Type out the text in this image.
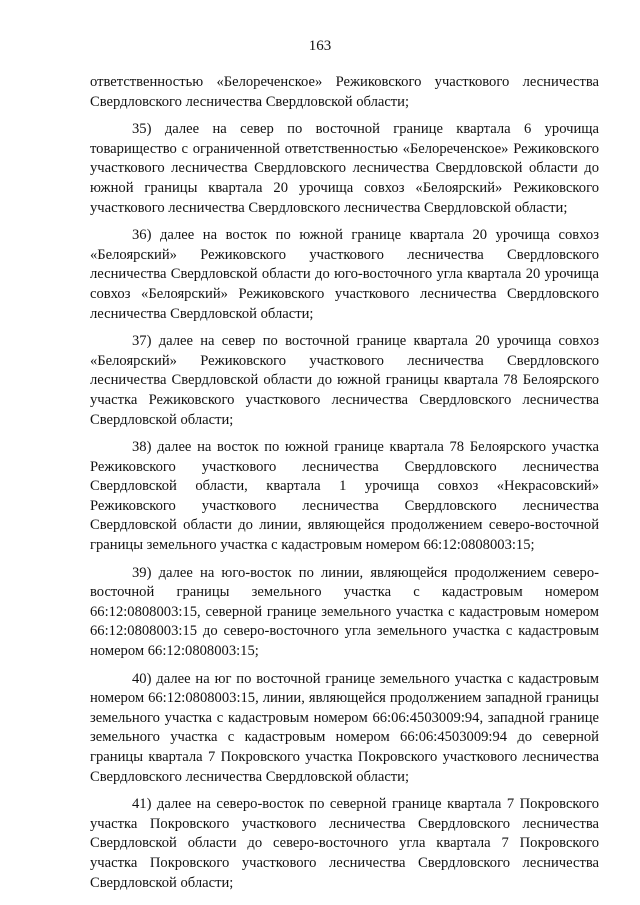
163

ответственностью «Белореченское» Режиковского участкового лесничества Свердловского лесничества Свердловской области;

35) далее на север по восточной границе квартала 6 урочища товарищество с ограниченной ответственностью «Белореченское» Режиковского участкового лесничества Свердловского лесничества Свердловской области до южной границы квартала 20 урочища совхоз «Белоярский» Режиковского участкового лесничества Свердловского лесничества Свердловской области;

36) далее на восток по южной границе квартала 20 урочища совхоз «Белоярский» Режиковского участкового лесничества Свердловского лесничества Свердловской области до юго-восточного угла квартала 20 урочища совхоз «Белоярский» Режиковского участкового лесничества Свердловского лесничества Свердловской области;

37) далее на север по восточной границе квартала 20 урочища совхоз «Белоярский» Режиковского участкового лесничества Свердловского лесничества Свердловской области до южной границы квартала 78 Белоярского участка Режиковского участкового лесничества Свердловского лесничества Свердловской области;

38) далее на восток по южной границе квартала 78 Белоярского участка Режиковского участкового лесничества Свердловского лесничества Свердловской области, квартала 1 урочища совхоз «Некрасовский» Режиковского участкового лесничества Свердловского лесничества Свердловской области до линии, являющейся продолжением северо-восточной границы земельного участка с кадастровым номером 66:12:0808003:15;

39) далее на юго-восток по линии, являющейся продолжением северо-восточной границы земельного участка с кадастровым номером 66:12:0808003:15, северной границе земельного участка с кадастровым номером 66:12:0808003:15 до северо-восточного угла земельного участка с кадастровым номером 66:12:0808003:15;

40) далее на юг по восточной границе земельного участка с кадастровым номером 66:12:0808003:15, линии, являющейся продолжением западной границы земельного участка с кадастровым номером 66:06:4503009:94, западной границе земельного участка с кадастровым номером 66:06:4503009:94 до северной границы квартала 7 Покровского участка Покровского участкового лесничества Свердловского лесничества Свердловской области;

41) далее на северо-восток по северной границе квартала 7 Покровского участка Покровского участкового лесничества Свердловского лесничества Свердловской области до северо-восточного угла квартала 7 Покровского участка Покровского участкового лесничества Свердловского лесничества Свердловской области;
